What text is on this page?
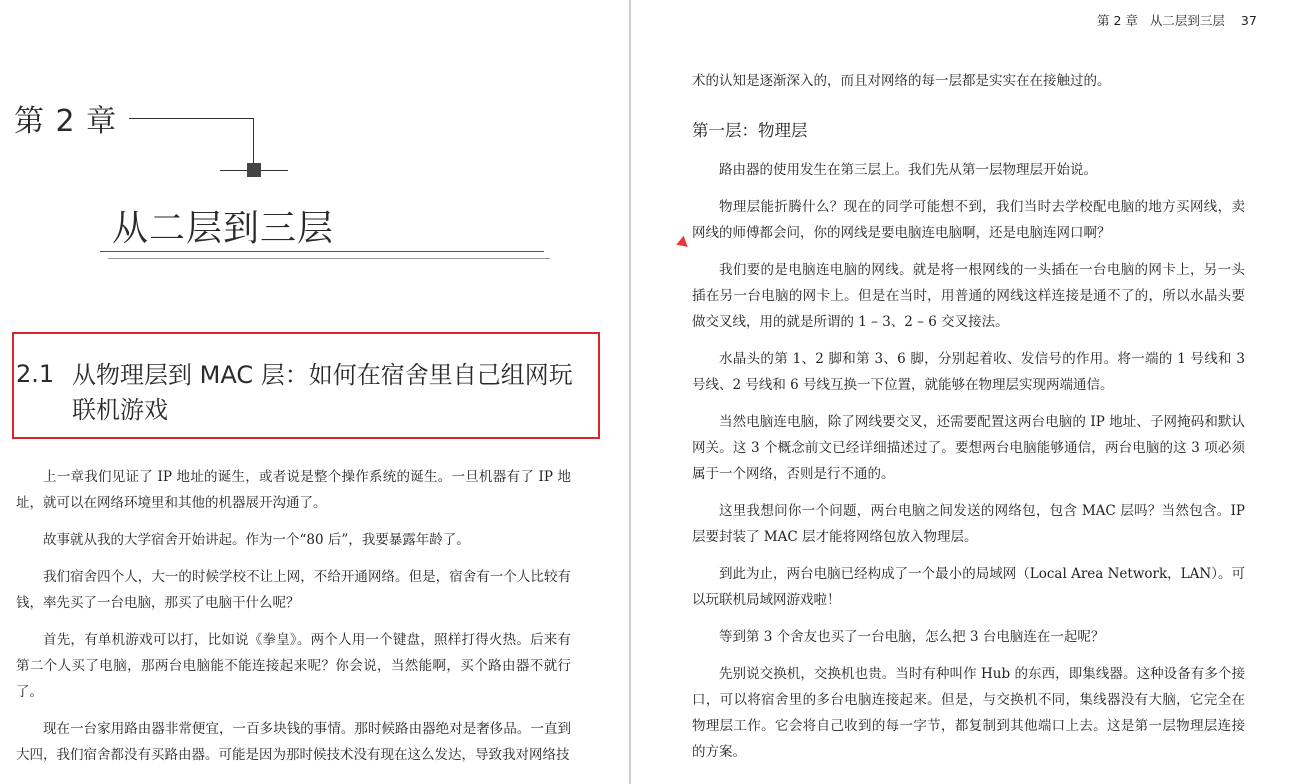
第 2 章
从二层到三层
2.1 从物理层到 MAC 层：如何在宿舍里自己组网玩联机游戏

上一章我们见证了 IP 地址的诞生，或者说是整个操作系统的诞生。一旦机器有了 IP 地址，就可以在网络环境里和其他的机器展开沟通了。

故事就从我的大学宿舍开始讲起。作为一个“80 后”，我要暴露年龄了。

我们宿舍四个人，大一的时候学校不让上网，不给开通网络。但是，宿舍有一个人比较有钱，率先买了一台电脑，那买了电脑干什么呢？

首先，有单机游戏可以打，比如说《拳皇》。两个人用一个键盘，照样打得火热。后来有第二个人买了电脑，那两台电脑能不能连接起来呢？你会说，当然能啊，买个路由器不就行了。

现在一台家用路由器非常便宜，一百多块钱的事情。那时候路由器绝对是奢侈品。一直到大四，我们宿舍都没有买路由器。可能是因为那时候技术没有现在这么发达，导致我对网络技

第 2 章 从二层到三层 37
术的认知是逐渐深入的，而且对网络的每一层都是实实在在接触过的。
第一层：物理层

路由器的使用发生在第三层上。我们先从第一层物理层开始说。

物理层能折腾什么？现在的同学可能想不到，我们当时去学校配电脑的地方买网线，卖网线的师傅都会问，你的网线是要电脑连电脑啊，还是电脑连网口啊？

我们要的是电脑连电脑的网线。就是将一根网线的一头插在一台电脑的网卡上，另一头插在另一台电脑的网卡上。但是在当时，用普通的网线这样连接是通不了的，所以水晶头要做交叉线，用的就是所谓的 1 – 3、2 – 6 交叉接法。

水晶头的第 1、2 脚和第 3、6 脚，分别起着收、发信号的作用。将一端的 1 号线和 3 号线、2 号线和 6 号线互换一下位置，就能够在物理层实现两端通信。

当然电脑连电脑，除了网线要交叉，还需要配置这两台电脑的 IP 地址、子网掩码和默认网关。这 3 个概念前文已经详细描述过了。要想两台电脑能够通信，两台电脑的这 3 项必须属于一个网络，否则是行不通的。

这里我想问你一个问题，两台电脑之间发送的网络包，包含 MAC 层吗？当然包含。IP 层要封装了 MAC 层才能将网络包放入物理层。

到此为止，两台电脑已经构成了一个最小的局域网（Local Area Network，LAN）。可以玩联机局域网游戏啦！

等到第 3 个舍友也买了一台电脑，怎么把 3 台电脑连在一起呢？

先别说交换机，交换机也贵。当时有种叫作 Hub 的东西，即集线器。这种设备有多个接口，可以将宿舍里的多台电脑连接起来。但是，与交换机不同，集线器没有大脑，它完全在物理层工作。它会将自己收到的每一字节，都复制到其他端口上去。这是第一层物理层连接的方案。
